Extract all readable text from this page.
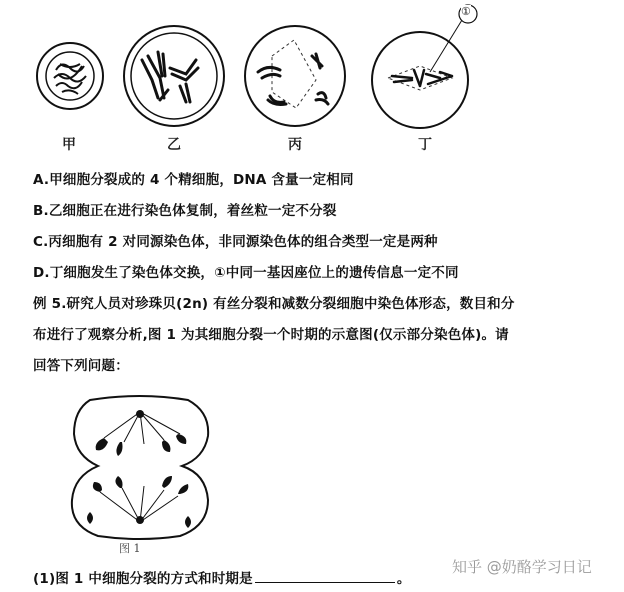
甲	乙	丙	丁
①
A.甲细胞分裂成的 4 个精细胞，DNA 含量一定相同
B.乙细胞正在进行染色体复制，着丝粒一定不分裂
C.丙细胞有 2 对同源染色体，非同源染色体的组合类型一定是两种
D.丁细胞发生了染色体交换，①中同一基因座位上的遗传信息一定不同
例 5.研究人员对珍珠贝(2n) 有丝分裂和减数分裂细胞中染色体形态，数目和分
布进行了观察分析,图 1 为其细胞分裂一个时期的示意图(仅示部分染色体)。请
回答下列问题：
图 1
(1)图 1 中细胞分裂的方式和时期是	。
知乎 @奶酪学习日记
